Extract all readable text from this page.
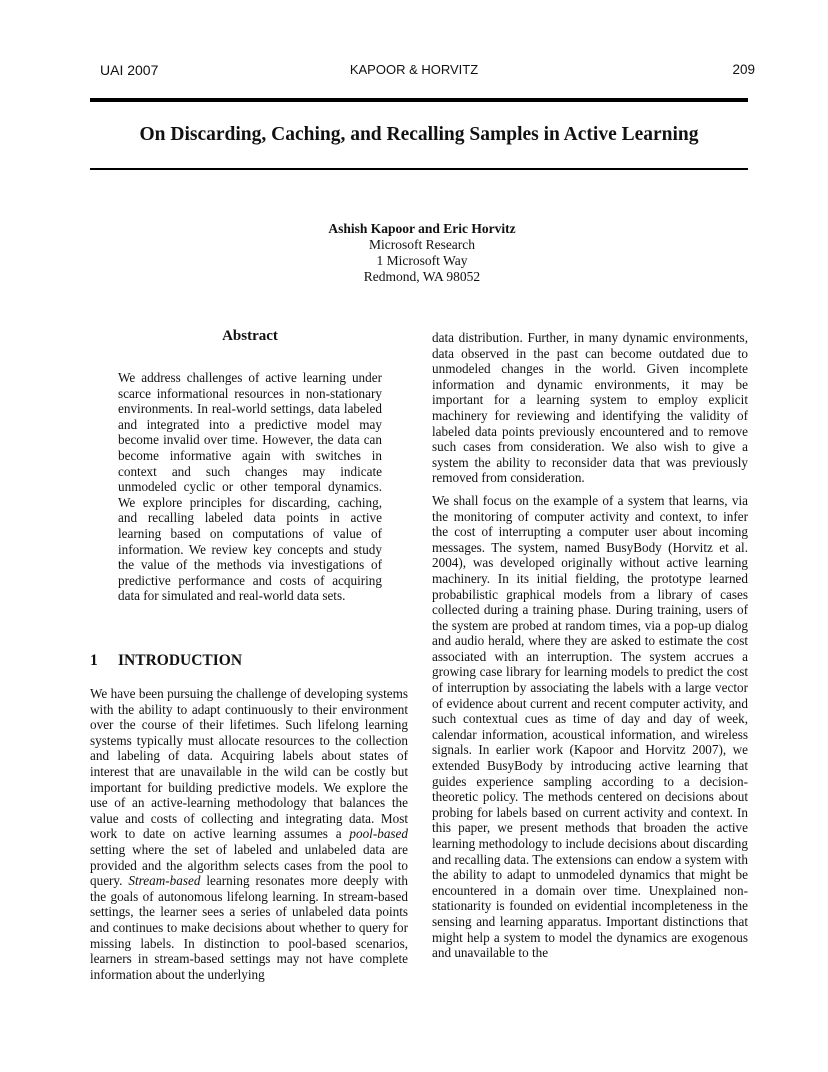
UAI 2007	KAPOOR & HORVITZ	209
On Discarding, Caching, and Recalling Samples in Active Learning
Ashish Kapoor and Eric Horvitz
Microsoft Research
1 Microsoft Way
Redmond, WA 98052
Abstract

We address challenges of active learning under scarce informational resources in non-stationary environments. In real-world settings, data labeled and integrated into a predictive model may become invalid over time. However, the data can become informative again with switches in context and such changes may indicate unmodeled cyclic or other temporal dynamics. We explore principles for discarding, caching, and recalling labeled data points in active learning based on computations of value of information. We review key concepts and study the value of the methods via investigations of predictive performance and costs of acquiring data for simulated and real-world data sets.

1 INTRODUCTION

We have been pursuing the challenge of developing systems with the ability to adapt continuously to their environment over the course of their lifetimes. Such lifelong learning systems typically must allocate resources to the collection and labeling of data. Acquiring labels about states of interest that are unavailable in the wild can be costly but important for building predictive models. We explore the use of an active-learning methodology that balances the value and costs of collecting and integrating data. Most work to date on active learning assumes a pool-based setting where the set of labeled and unlabeled data are provided and the algorithm selects cases from the pool to query. Stream-based learning resonates more deeply with the goals of autonomous lifelong learning. In stream-based settings, the learner sees a series of unlabeled data points and continues to make decisions about whether to query for missing labels. In distinction to pool-based scenarios, learners in stream-based settings may not have complete information about the underlying

data distribution. Further, in many dynamic environments, data observed in the past can become outdated due to unmodeled changes in the world. Given incomplete information and dynamic environments, it may be important for a learning system to employ explicit machinery for reviewing and identifying the validity of labeled data points previously encountered and to remove such cases from consideration. We also wish to give a system the ability to reconsider data that was previously removed from consideration.

We shall focus on the example of a system that learns, via the monitoring of computer activity and context, to infer the cost of interrupting a computer user about incoming messages. The system, named BusyBody (Horvitz et al. 2004), was developed originally without active learning machinery. In its initial fielding, the prototype learned probabilistic graphical models from a library of cases collected during a training phase. During training, users of the system are probed at random times, via a pop-up dialog and audio herald, where they are asked to estimate the cost associated with an interruption. The system accrues a growing case library for learning models to predict the cost of interruption by associating the labels with a large vector of evidence about current and recent computer activity, and such contextual cues as time of day and day of week, calendar information, acoustical information, and wireless signals. In earlier work (Kapoor and Horvitz 2007), we extended BusyBody by introducing active learning that guides experience sampling according to a decision-theoretic policy. The methods centered on decisions about probing for labels based on current activity and context. In this paper, we present methods that broaden the active learning methodology to include decisions about discarding and recalling data. The extensions can endow a system with the ability to adapt to unmodeled dynamics that might be encountered in a domain over time. Unexplained non-stationarity is founded on evidential incompleteness in the sensing and learning apparatus. Important distinctions that might help a system to model the dynamics are exogenous and unavailable to the
